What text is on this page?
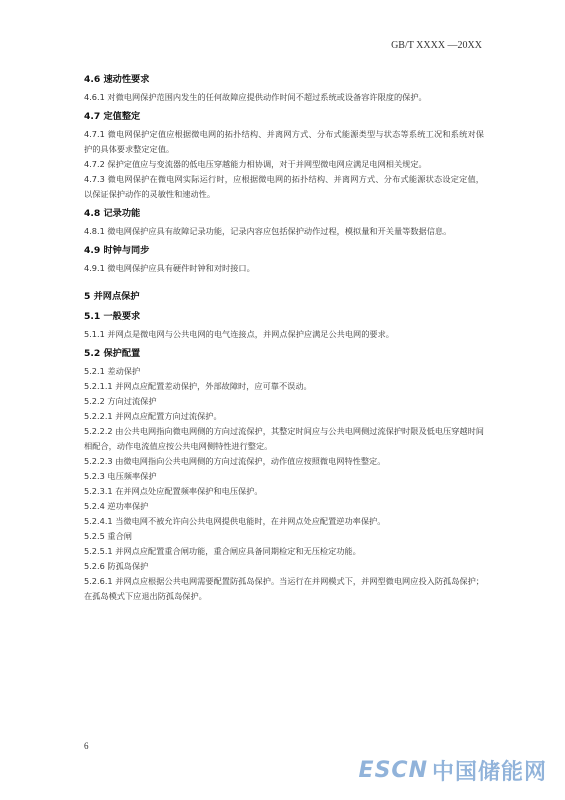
GB/T XXXX —20XX
4.6 速动性要求
4.6.1 对微电网保护范围内发生的任何故障应提供动作时间不超过系统或设备容许限度的保护。
4.7 定值整定
4.7.1 微电网保护定值应根据微电网的拓扑结构、并离网方式、分布式能源类型与状态等系统工况和系统对保护的具体要求整定定值。
4.7.2 保护定值应与变流器的低电压穿越能力相协调，对于并网型微电网应满足电网相关规定。
4.7.3 微电网保护在微电网实际运行时，应根据微电网的拓扑结构、并离网方式、分布式能源状态设定定值，以保证保护动作的灵敏性和速动性。
4.8 记录功能
4.8.1 微电网保护应具有故障记录功能，记录内容应包括保护动作过程，模拟量和开关量等数据信息。
4.9 时钟与同步
4.9.1 微电网保护应具有硬件时钟和对时接口。
5 并网点保护
5.1 一般要求
5.1.1 并网点是微电网与公共电网的电气连接点，并网点保护应满足公共电网的要求。
5.2 保护配置
5.2.1 差动保护
5.2.1.1 并网点应配置差动保护，外部故障时，应可靠不误动。
5.2.2 方向过流保护
5.2.2.1 并网点应配置方向过流保护。
5.2.2.2 由公共电网指向微电网侧的方向过流保护，其整定时间应与公共电网侧过流保护时限及低电压穿越时间相配合，动作电流值应按公共电网侧特性进行整定。
5.2.2.3 由微电网指向公共电网侧的方向过流保护，动作值应按照微电网特性整定。
5.2.3 电压频率保护
5.2.3.1 在并网点处应配置频率保护和电压保护。
5.2.4 逆功率保护
5.2.4.1 当微电网不被允许向公共电网提供电能时，在并网点处应配置逆功率保护。
5.2.5 重合闸
5.2.5.1 并网点应配置重合闸功能，重合闸应具备同期检定和无压检定功能。
5.2.6 防孤岛保护
5.2.6.1 并网点应根据公共电网需要配置防孤岛保护。当运行在并网模式下，并网型微电网应投入防孤岛保护；在孤岛模式下应退出防孤岛保护。
6
ESCN 中国储能网
